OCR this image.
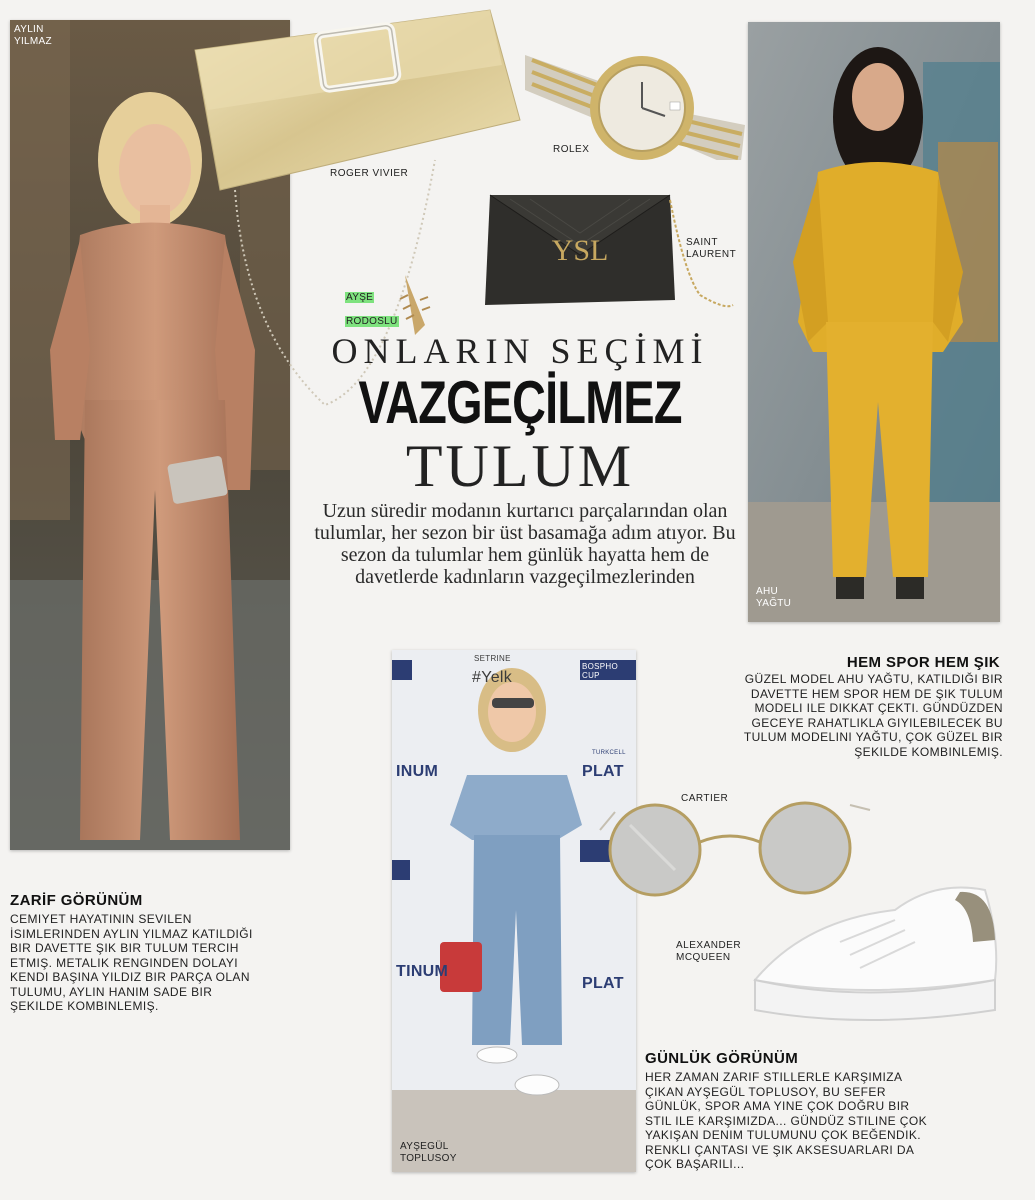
AYLIN
YILMAZ
ROGER VIVIER
ROLEX
YSL	SAINT
LAURENT

AYŞE

RODOSLU

ONLARIN SEÇİMİ
VAZGEÇİLMEZ
TULUM
Uzun süredir modanın kurtarıcı parçalarından olan tulumlar, her sezon bir üst basamağa adım atıyor. Bu sezon da tulumlar hem günlük hayatta hem de davetlerde kadınların vazgeçilmezlerinden
AHU
YAĞTU
#Yelk
SETRINE
BOSPHO
CUP
INUM	PLAT
TURKCELL
TINUM
PLAT
AYŞEGÜL
TOPLUSOY
CARTIER
ALEXANDER
MCQUEEN
ZARİF GÖRÜNÜM
CEMIYET HAYATININ SEVILEN İSIMLERINDEN AYLIN YILMAZ KATILDIĞI BIR DAVETTE ŞIK BIR TULUM TERCIH ETMIŞ. METALIK RENGINDEN DOLAYI KENDI BAŞINA YILDIZ BIR PARÇA OLAN TULUMU, AYLIN HANIM SADE BIR ŞEKILDE KOMBINLEMIŞ.
HEM SPOR HEM ŞIK
GÜZEL MODEL AHU YAĞTU, KATILDIĞI BIR DAVETTE HEM SPOR HEM DE ŞIK TULUM MODELI ILE DIKKAT ÇEKTI. GÜNDÜZDEN GECEYE RAHATLIKLA GIYILEBILECEK BU TULUM MODELINI YAĞTU, ÇOK GÜZEL BIR ŞEKILDE KOMBINLEMIŞ.
GÜNLÜK GÖRÜNÜM
HER ZAMAN ZARIF STILLERLE KARŞIMIZA ÇIKAN AYŞEGÜL TOPLUSOY, BU SEFER GÜNLÜK, SPOR AMA YINE ÇOK DOĞRU BIR STIL ILE KARŞIMIZDA... GÜNDÜZ STILINE ÇOK YAKIŞAN DENIM TULUMUNU ÇOK BEĞENDIK. RENKLI ÇANTASI VE ŞIK AKSESUARLARI DA ÇOK BAŞARILI...
